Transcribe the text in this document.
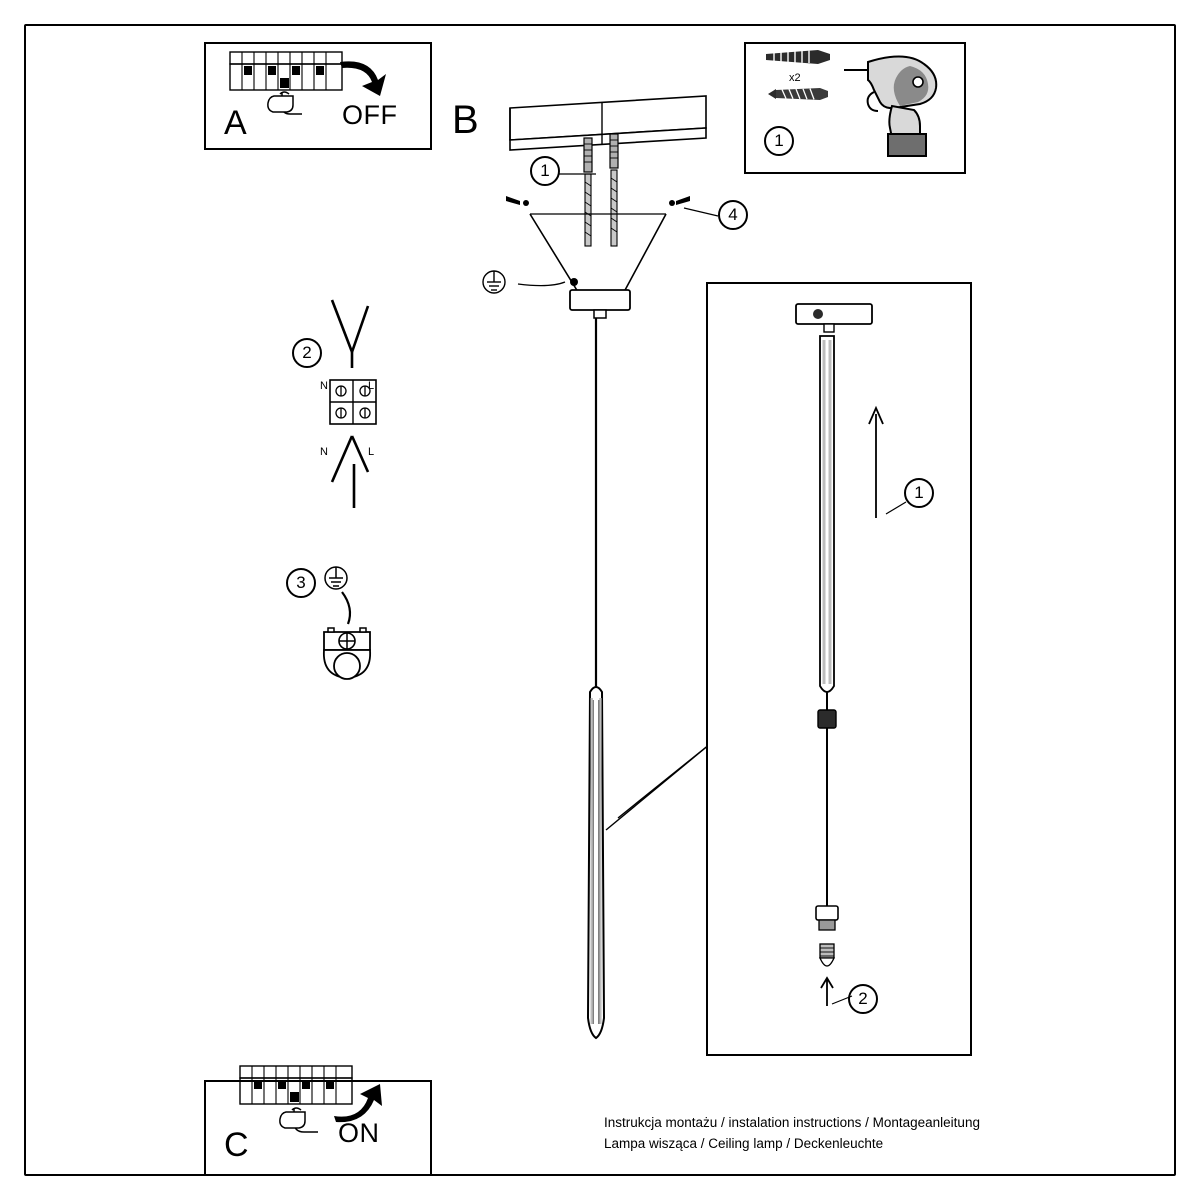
A	OFF
C	ON
1
x2
B
1
4
2
N	L
N	L
3
1
2
Instrukcja montażu / instalation instructions / Montageanleitung
Lampa wisząca / Ceiling lamp / Deckenleuchte
